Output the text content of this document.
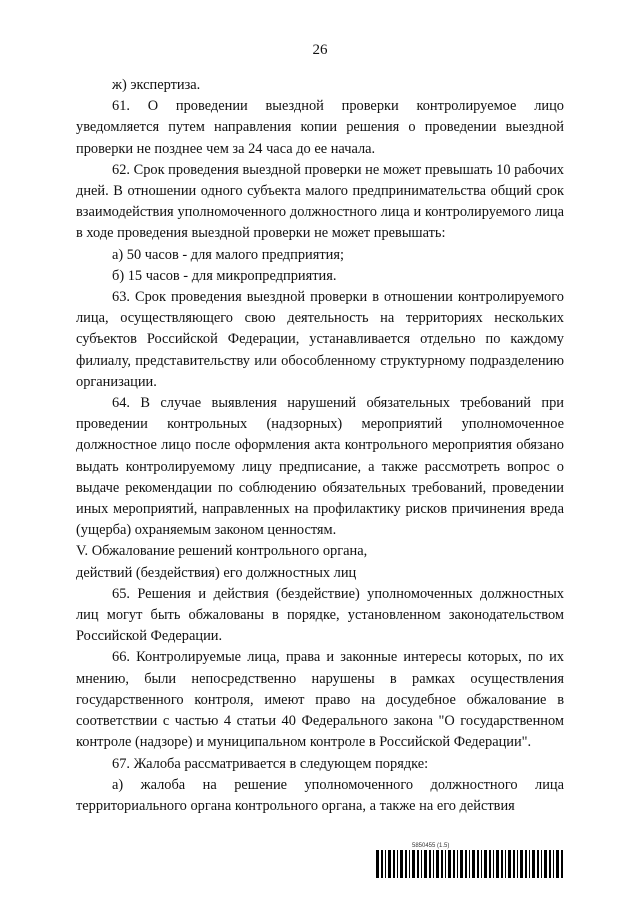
26

ж) экспертиза.

61. О проведении выездной проверки контролируемое лицо уведомляется путем направления копии решения о проведении выездной проверки не позднее чем за 24 часа до ее начала.

62. Срок проведения выездной проверки не может превышать 10 рабочих дней. В отношении одного субъекта малого предпринимательства общий срок взаимодействия уполномоченного должностного лица и контролируемого лица в ходе проведения выездной проверки не может превышать:

а) 50 часов - для малого предприятия;

б) 15 часов - для микропредприятия.

63. Срок проведения выездной проверки в отношении контролируемого лица, осуществляющего свою деятельность на территориях нескольких субъектов Российской Федерации, устанавливается отдельно по каждому филиалу, представительству или обособленному структурному подразделению организации.

64. В случае выявления нарушений обязательных требований при проведении контрольных (надзорных) мероприятий уполномоченное должностное лицо после оформления акта контрольного мероприятия обязано выдать контролируемому лицу предписание, а также рассмотреть вопрос о выдаче рекомендации по соблюдению обязательных требований, проведении иных мероприятий, направленных на профилактику рисков причинения вреда (ущерба) охраняемым законом ценностям.

V. Обжалование решений контрольного органа,
действий (бездействия) его должностных лиц

65. Решения и действия (бездействие) уполномоченных должностных лиц могут быть обжалованы в порядке, установленном законодательством Российской Федерации.

66. Контролируемые лица, права и законные интересы которых, по их мнению, были непосредственно нарушены в рамках осуществления государственного контроля, имеют право на досудебное обжалование в соответствии с частью 4 статьи 40 Федерального закона "О государственном контроле (надзоре) и муниципальном контроле в Российской Федерации".

67. Жалоба рассматривается в следующем порядке:

а) жалоба на решение уполномоченного должностного лица территориального органа контрольного органа, а также на его действия

5850455 (1.5)
